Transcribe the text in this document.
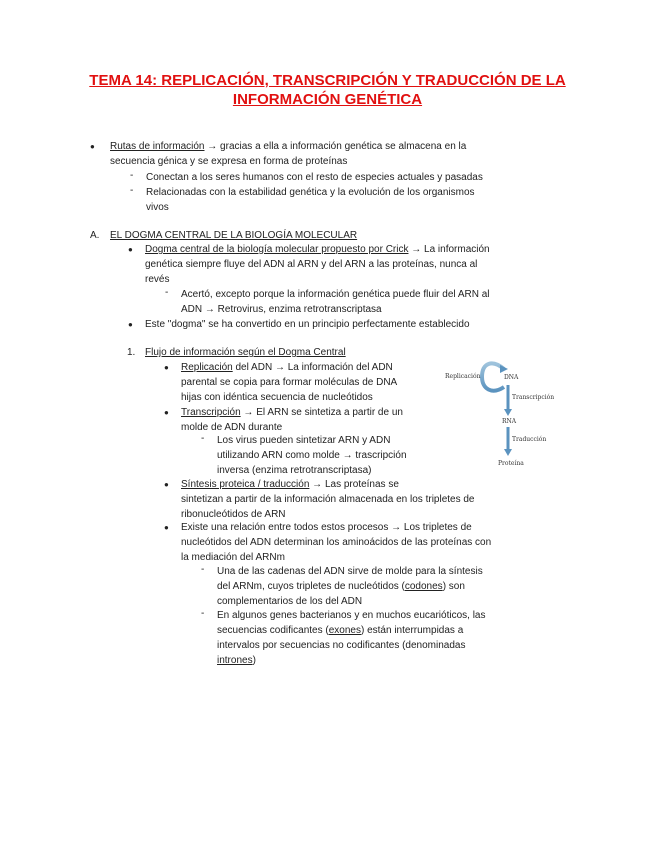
TEMA 14: REPLICACIÓN, TRANSCRIPCIÓN Y TRADUCCIÓN DE LA
INFORMACIÓN GENÉTICA
● Rutas de información → gracias a ella a información genética se almacena en la
secuencia génica y se expresa en forma de proteínas
- Conectan a los seres humanos con el resto de especies actuales y pasadas
- Relacionadas con la estabilidad genética y la evolución de los organismos
vivos
A. EL DOGMA CENTRAL DE LA BIOLOGÍA MOLECULAR
● Dogma central de la biología molecular propuesto por Crick → La información
genética siempre fluye del ADN al ARN y del ARN a las proteínas, nunca al
revés
- Acertó, excepto porque la información genética puede fluir del ARN al
ADN → Retrovirus, enzima retrotranscriptasa
● Este "dogma" se ha convertido en un principio perfectamente establecido
1. Flujo de información según el Dogma Central
● Replicación del ADN → La información del ADN
parental se copia para formar moléculas de DNA
hijas con idéntica secuencia de nucleótidos
● Transcripción → El ARN se sintetiza a partir de un
molde de ADN durante
- Los virus pueden sintetizar ARN y ADN
utilizando ARN como molde → trascripción
inversa (enzima retrotranscriptasa)
● Síntesis proteica / traducción → Las proteínas se
sintetizan a partir de la información almacenada en los tripletes de
ribonucleótidos de ARN
● Existe una relación entre todos estos procesos → Los tripletes de
nucleótidos del ADN determinan los aminoácidos de las proteínas con
la mediación del ARNm
- Una de las cadenas del ADN sirve de molde para la síntesis
del ARNm, cuyos tripletes de nucleótidos (codones) son
complementarios de los del ADN
- En algunos genes bacterianos y en muchos eucarióticos, las
secuencias codificantes (exones) están interrumpidas a
intervalos por secuencias no codificantes (denominadas
intrones)
Replicación	DNA
Transcripción
RNA
Traducción
Proteína
